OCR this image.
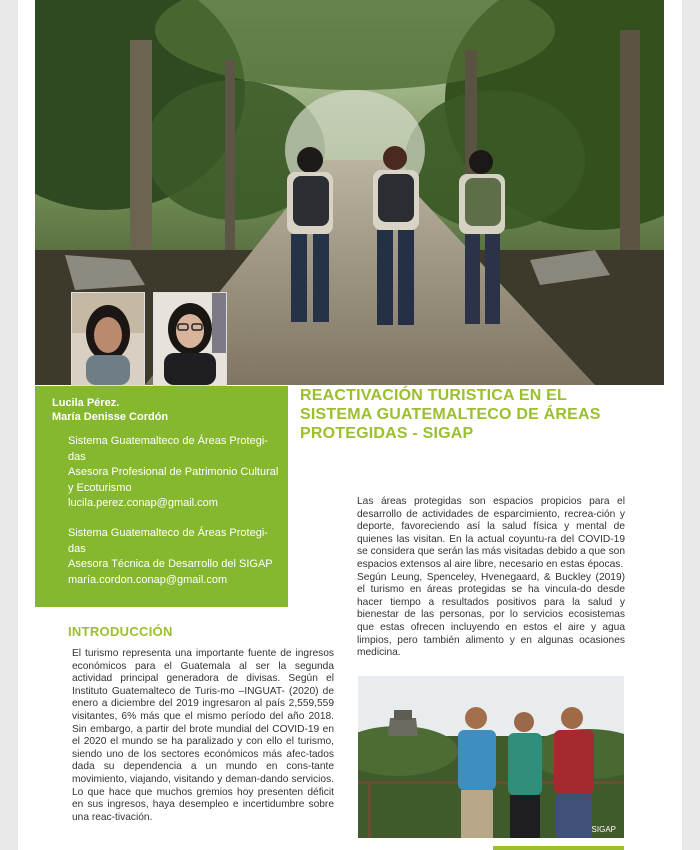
Lucila Pérez.
María Denisse Cordón
Sistema Guatemalteco de Áreas Protegi-das
Asesora Profesional de Patrimonio Cultural y Ecoturismo
lucila.perez.conap@gmail.com
Sistema Guatemalteco de Áreas Protegi-das
Asesora Técnica de Desarrollo del SIGAP
maría.cordon.conap@gmail.com
REACTIVACIÓN TURISTICA EN EL SISTEMA GUATEMALTECO DE ÁREAS PROTEGIDAS - SIGAP
Las áreas protegidas son espacios propicios para el desarrollo de actividades de esparcimiento, recrea-ción y deporte, favoreciendo así la salud física y mental de quienes las visitan. En la actual coyuntu-ra del COVID-19 se considera que serán las más visitadas debido a que son espacios extensos al aire libre, necesario en estas épocas.
Según Leung, Spenceley, Hvenegaard, & Buckley (2019) el turismo en áreas protegidas se ha vincula-do desde hacer tiempo a resultados positivos para la salud y bienestar de las personas, por lo servicios ecosistemas que estas ofrecen incluyendo en estos el aire y agua limpios, pero también alimento y en algunas ocasiones medicina.
INTRODUCCIÓN
El turismo representa una importante fuente de ingresos económicos para el Guatemala al ser la segunda actividad principal generadora de divisas. Según el Instituto Guatemalteco de Turis-mo –INGUAT- (2020) de enero a diciembre del 2019 ingresaron al país 2,559,559 visitantes, 6% más que el mismo período del año 2018. Sin embargo, a partir del brote mundial del COVID-19 en el 2020 el mundo se ha paralizado y con ello el turismo, siendo uno de los sectores económicos más afec-tados dada su dependencia a un mundo en cons-tante movimiento, viajando, visitando y deman-dando servicios. Lo que hace que muchos gremios hoy presenten déficit en sus ingresos, haya desempleo e incertidumbre sobre una reac-tivación.
SIGAP
